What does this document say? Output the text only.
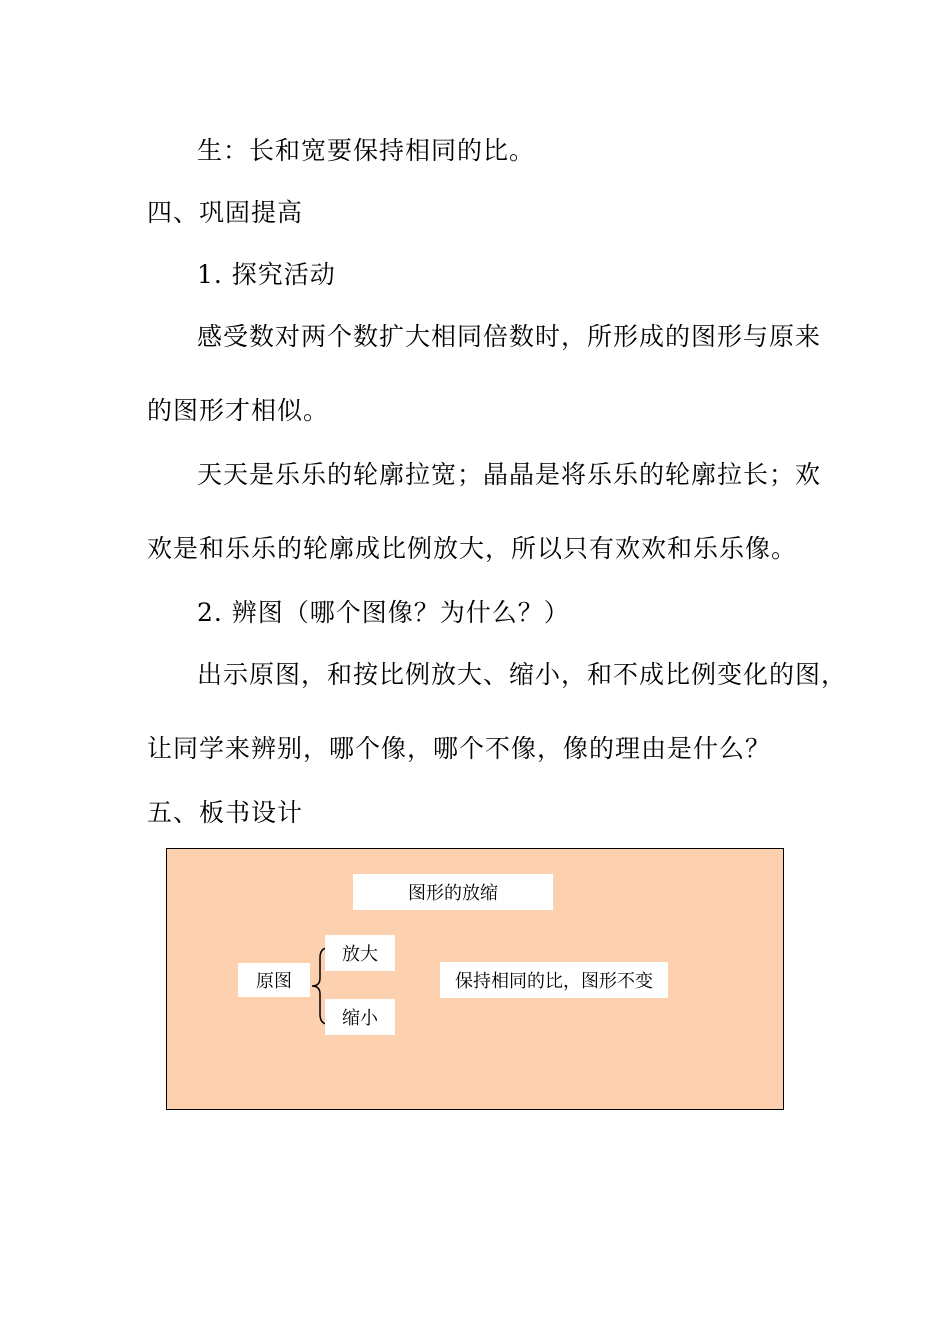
生：长和宽要保持相同的比。
四、巩固提高
1. 探究活动
感受数对两个数扩大相同倍数时，所形成的图形与原来
的图形才相似。
天天是乐乐的轮廓拉宽；晶晶是将乐乐的轮廓拉长；欢
欢是和乐乐的轮廓成比例放大，所以只有欢欢和乐乐像。
2. 辨图（哪个图像？为什么？）
出示原图，和按比例放大、缩小，和不成比例变化的图，
让同学来辨别，哪个像，哪个不像，像的理由是什么？
五、板书设计
图形的放缩
原图
放大
缩小
保持相同的比，图形不变
